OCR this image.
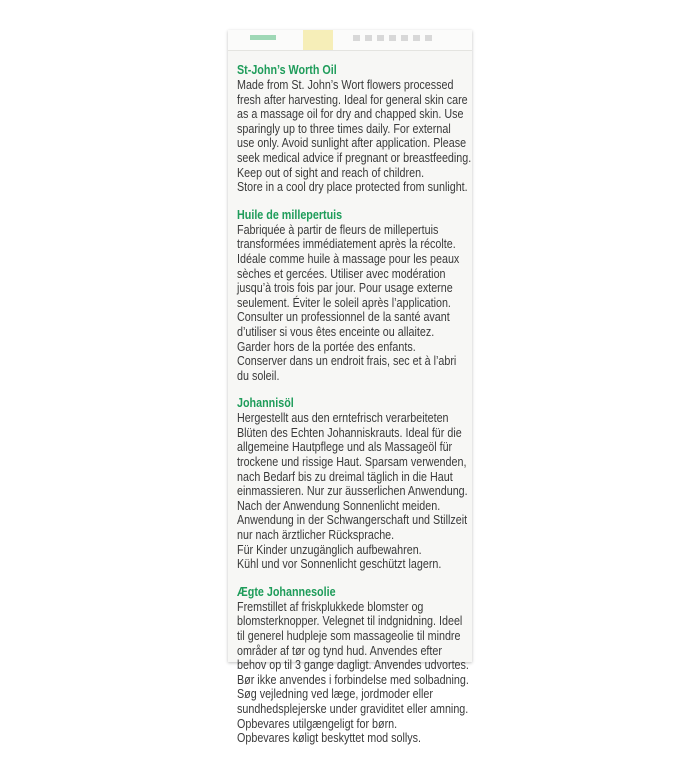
St-John’s Worth Oil
Made from St. John’s Wort flowers processed
fresh after harvesting. Ideal for general skin care
as a massage oil for dry and chapped skin. Use
sparingly up to three times daily. For external
use only. Avoid sunlight after application. Please
seek medical advice if pregnant or breastfeeding.
Keep out of sight and reach of children.
Store in a cool dry place protected from sunlight.
Huile de millepertuis
Fabriquée à partir de fleurs de millepertuis
transformées immédiatement après la récolte.
Idéale comme huile à massage pour les peaux
sèches et gercées. Utiliser avec modération
jusqu’à trois fois par jour. Pour usage externe
seulement. Éviter le soleil après l’application.
Consulter un professionnel de la santé avant
d’utiliser si vous êtes enceinte ou allaitez.
Garder hors de la portée des enfants.
Conserver dans un endroit frais, sec et à l’abri
du soleil.
Johannisöl
Hergestellt aus den erntefrisch verarbeiteten
Blüten des Echten Johanniskrauts. Ideal für die
allgemeine Hautpflege und als Massageöl für
trockene und rissige Haut. Sparsam verwenden,
nach Bedarf bis zu dreimal täglich in die Haut
einmassieren. Nur zur äusserlichen Anwendung.
Nach der Anwendung Sonnenlicht meiden.
Anwendung in der Schwangerschaft und Stillzeit
nur nach ärztlicher Rücksprache.
Für Kinder unzugänglich aufbewahren.
Kühl und vor Sonnenlicht geschützt lagern.
Ægte Johannesolie
Fremstillet af friskplukkede blomster og
blomsterknopper. Velegnet til indgnidning. Ideel
til generel hudpleje som massageolie til mindre
områder af tør og tynd hud. Anvendes efter
behov op til 3 gange dagligt. Anvendes udvortes.
Bør ikke anvendes i forbindelse med solbadning.
Søg vejledning ved læge, jordmoder eller
sundhedsplejerske under graviditet eller amning.
Opbevares utilgængeligt for børn.
Opbevares køligt beskyttet mod sollys.
